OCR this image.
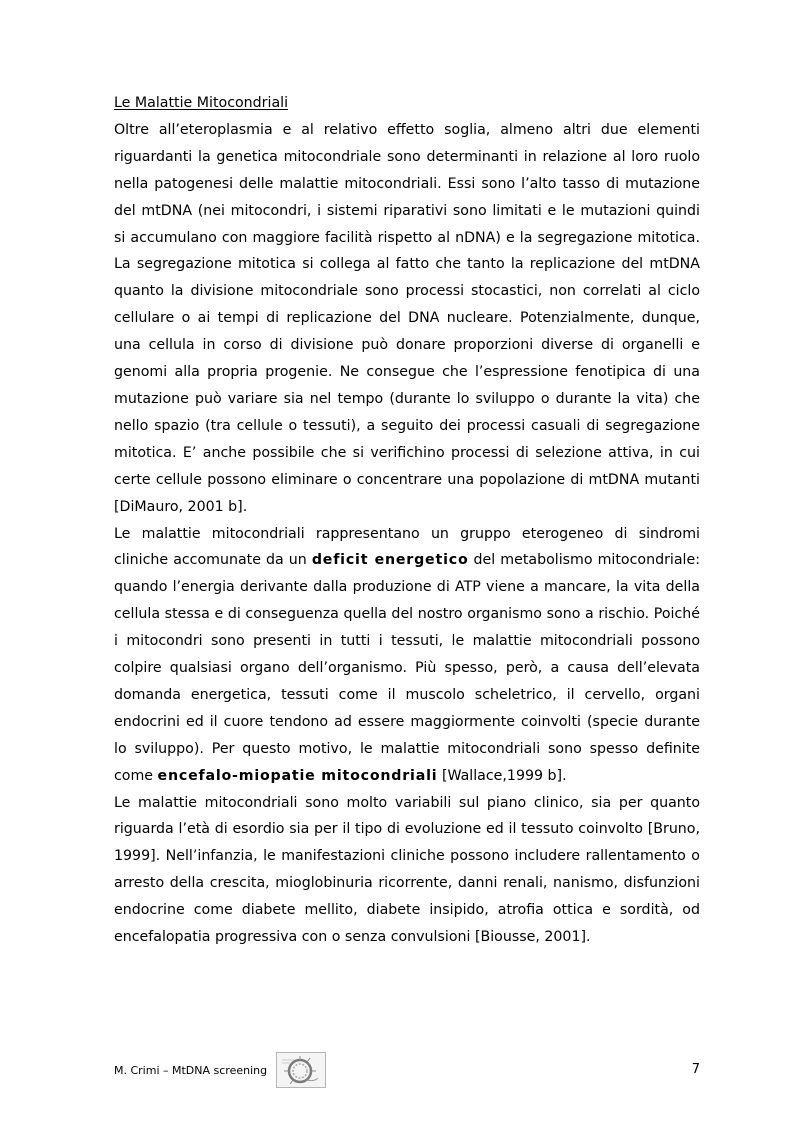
Le Malattie Mitocondriali

Oltre all’eteroplasmia e al relativo effetto soglia, almeno altri due elementi riguardanti la genetica mitocondriale sono determinanti in relazione al loro ruolo nella patogenesi delle malattie mitocondriali. Essi sono l’alto tasso di mutazione del mtDNA (nei mitocondri, i sistemi riparativi sono limitati e le mutazioni quindi si accumulano con maggiore facilità rispetto al nDNA) e la segregazione mitotica. La segregazione mitotica si collega al fatto che tanto la replicazione del mtDNA quanto la divisione mitocondriale sono processi stocastici, non correlati al ciclo cellulare o ai tempi di replicazione del DNA nucleare. Potenzialmente, dunque, una cellula in corso di divisione può donare proporzioni diverse di organelli e genomi alla propria progenie. Ne consegue che l’espressione fenotipica di una mutazione può variare sia nel tempo (durante lo sviluppo o durante la vita) che nello spazio (tra cellule o tessuti), a seguito dei processi casuali di segregazione mitotica. E’ anche possibile che si verifichino processi di selezione attiva, in cui certe cellule possono eliminare o concentrare una popolazione di mtDNA mutanti [DiMauro, 2001 b].

Le malattie mitocondriali rappresentano un gruppo eterogeneo di sindromi cliniche accomunate da un deficit energetico del metabolismo mitocondriale: quando l’energia derivante dalla produzione di ATP viene a mancare, la vita della cellula stessa e di conseguenza quella del nostro organismo sono a rischio. Poiché i mitocondri sono presenti in tutti i tessuti, le malattie mitocondriali possono colpire qualsiasi organo dell’organismo. Più spesso, però, a causa dell’elevata domanda energetica, tessuti come il muscolo scheletrico, il cervello, organi endocrini ed il cuore tendono ad essere maggiormente coinvolti (specie durante lo sviluppo). Per questo motivo, le malattie mitocondriali sono spesso definite come encefalo-miopatie mitocondriali [Wallace,1999 b].

Le malattie mitocondriali sono molto variabili sul piano clinico, sia per quanto riguarda l’età di esordio sia per il tipo di evoluzione ed il tessuto coinvolto [Bruno, 1999]. Nell’infanzia, le manifestazioni cliniche possono includere rallentamento o arresto della crescita, mioglobinuria ricorrente, danni renali, nanismo, disfunzioni endocrine come diabete mellito, diabete insipido, atrofia ottica e sordità, od encefalopatia progressiva con o senza convulsioni [Biousse, 2001].

M. Crimi – MtDNA screening	7
